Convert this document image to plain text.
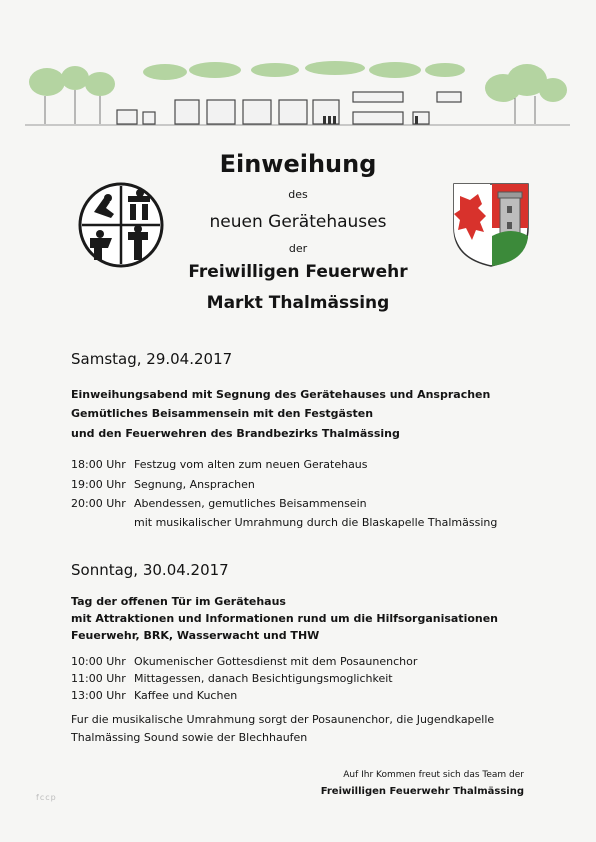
Einweihung
des
neuen Gerätehauses
der
Freiwilligen Feuerwehr
Markt Thalmässing
Samstag, 29.04.2017
Einweihungsabend mit Segnung des Gerätehauses und Ansprachen
Gemütliches Beisammensein mit den Festgästen
und den Feuerwehren des Brandbezirks Thalmässing
18:00 Uhr Festzug vom alten zum neuen Geratehaus
19:00 Uhr Segnung, Ansprachen
20:00 Uhr Abendessen, gemutliches Beisammensein
mit musikalischer Umrahmung durch die Blaskapelle Thalmässing
Sonntag, 30.04.2017
Tag der offenen Tür im Gerätehaus
mit Attraktionen und Informationen rund um die Hilfsorganisationen
Feuerwehr, BRK, Wasserwacht und THW
10:00 Uhr Okumenischer Gottesdienst mit dem Posaunenchor
11:00 Uhr Mittagessen, danach Besichtigungsmoglichkeit
13:00 Uhr Kaffee und Kuchen
Fur die musikalische Umrahmung sorgt der Posaunenchor, die Jugendkapelle
Thalmässing Sound sowie der Blechhaufen
Auf Ihr Kommen freut sich das Team der
Freiwilligen Feuerwehr Thalmässing
fccp
